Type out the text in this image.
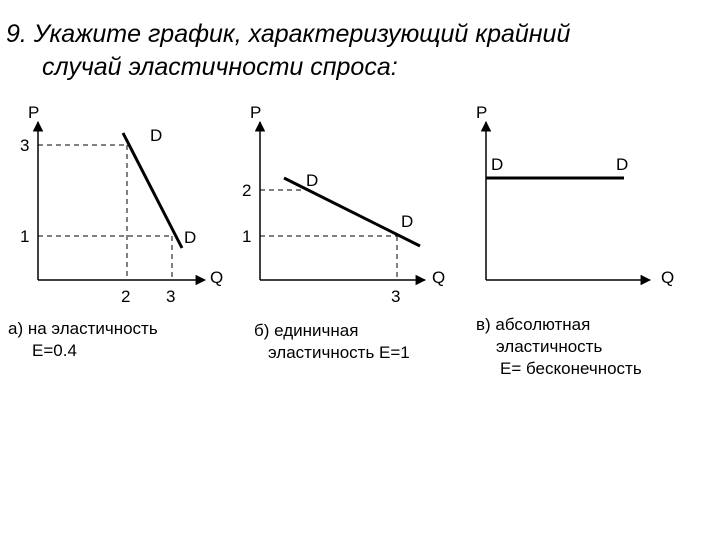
9. Укажите график, характеризующий крайний
случай эластичности спроса:
P
Q
3
1
2 3
D
D
P
Q
2
1
3
D
D
P
Q
D	D
а) на эластичность
E=0.4
б) единичная
эластичность E=1
в) абсолютная
эластичность
E= бесконечность
